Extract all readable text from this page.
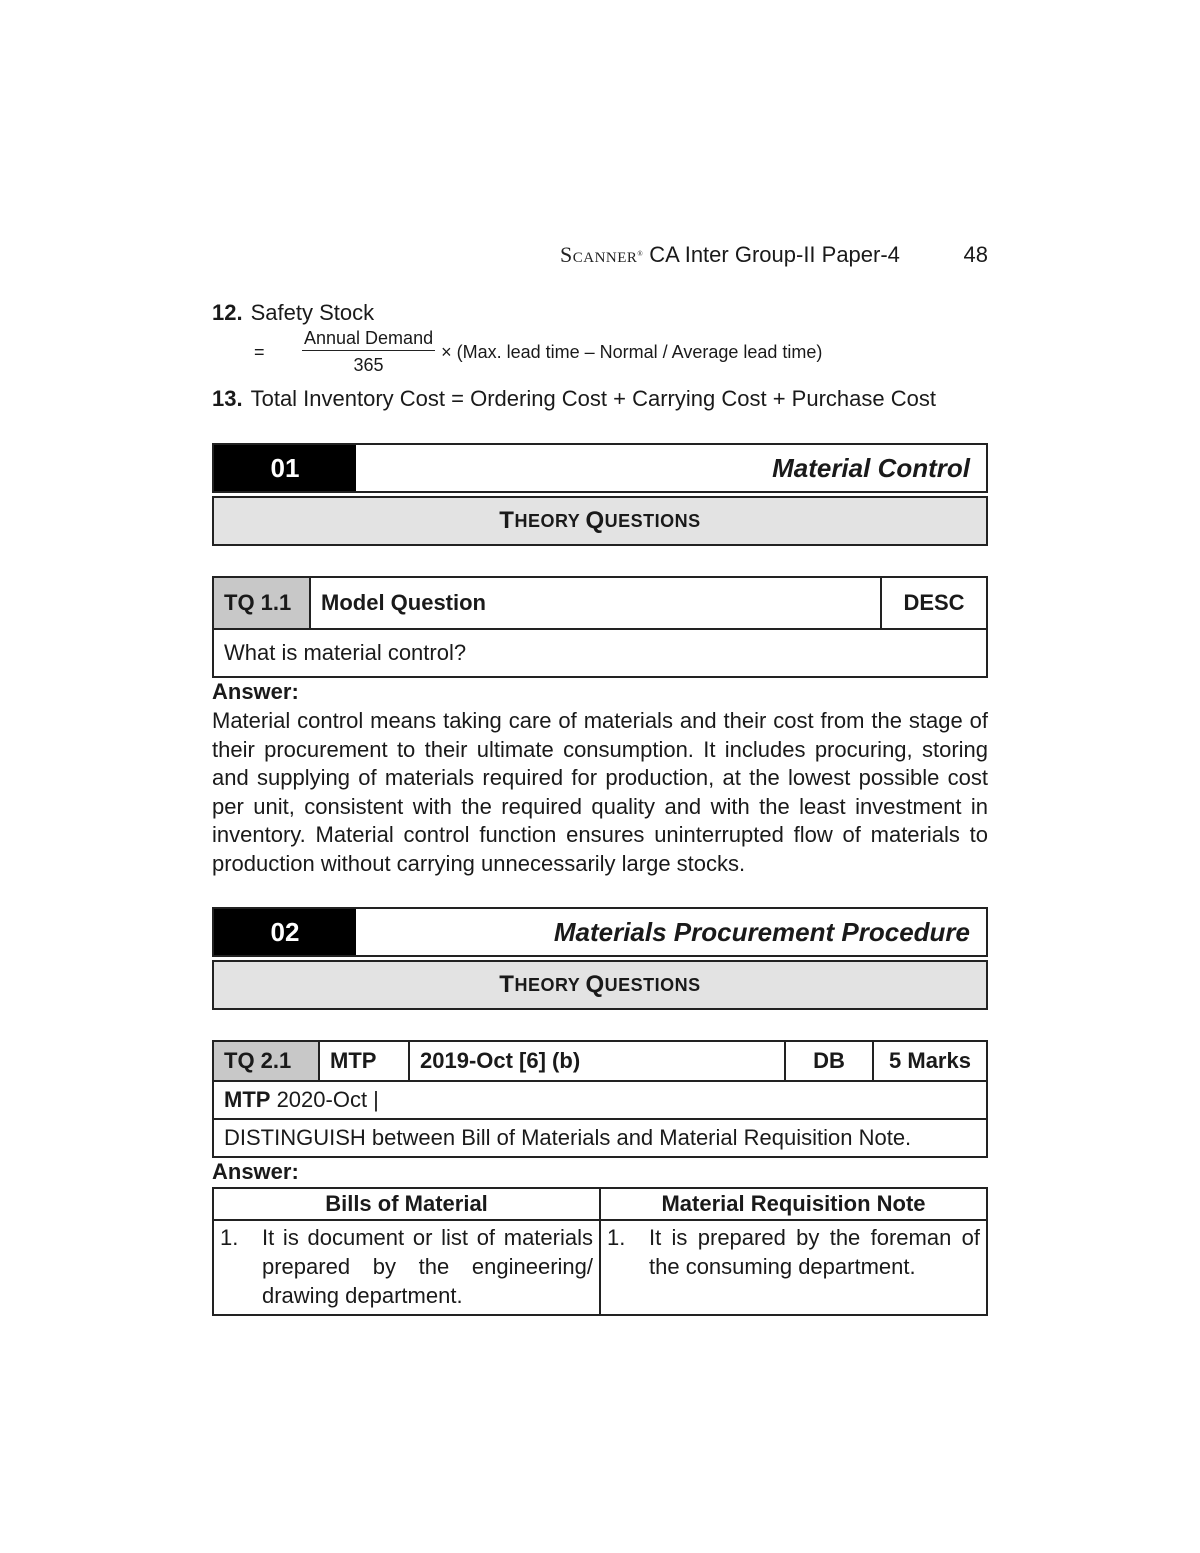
SCANNER® CA Inter Group-II Paper-4	48
12. Safety Stock
= $\frac{\text{Annual Demand}}{365} \times (Max$. lead time – Normal / Average lead time)
13. Total Inventory Cost = Ordering Cost + Carrying Cost + Purchase Cost
01	Material Control
T HEORY Q UESTIONS
TQ 1.1	Model Question	DESC
What is material control?
Answer:
Material control means taking care of materials and their cost from the stage of their procurement to their ultimate consumption. It includes procuring, storing and supplying of materials required for production, at the lowest possible cost per unit, consistent with the required quality and with the least investment in inventory. Material control function ensures uninterrupted flow of materials to production without carrying unnecessarily large stocks.
02	Materials Procurement Procedure
T HEORY Q UESTIONS
TQ 2.1	MTP	2019-Oct [6] (b)	DB	5 Marks
MTP 2020-Oct |
DISTINGUISH between Bill of Materials and Material Requisition Note.
Answer:
Bills of Material	Material Requisition Note

1. It is document or list of materials prepared by the engineering/ drawing department.	1. It is prepared by the foreman of the consuming department.
